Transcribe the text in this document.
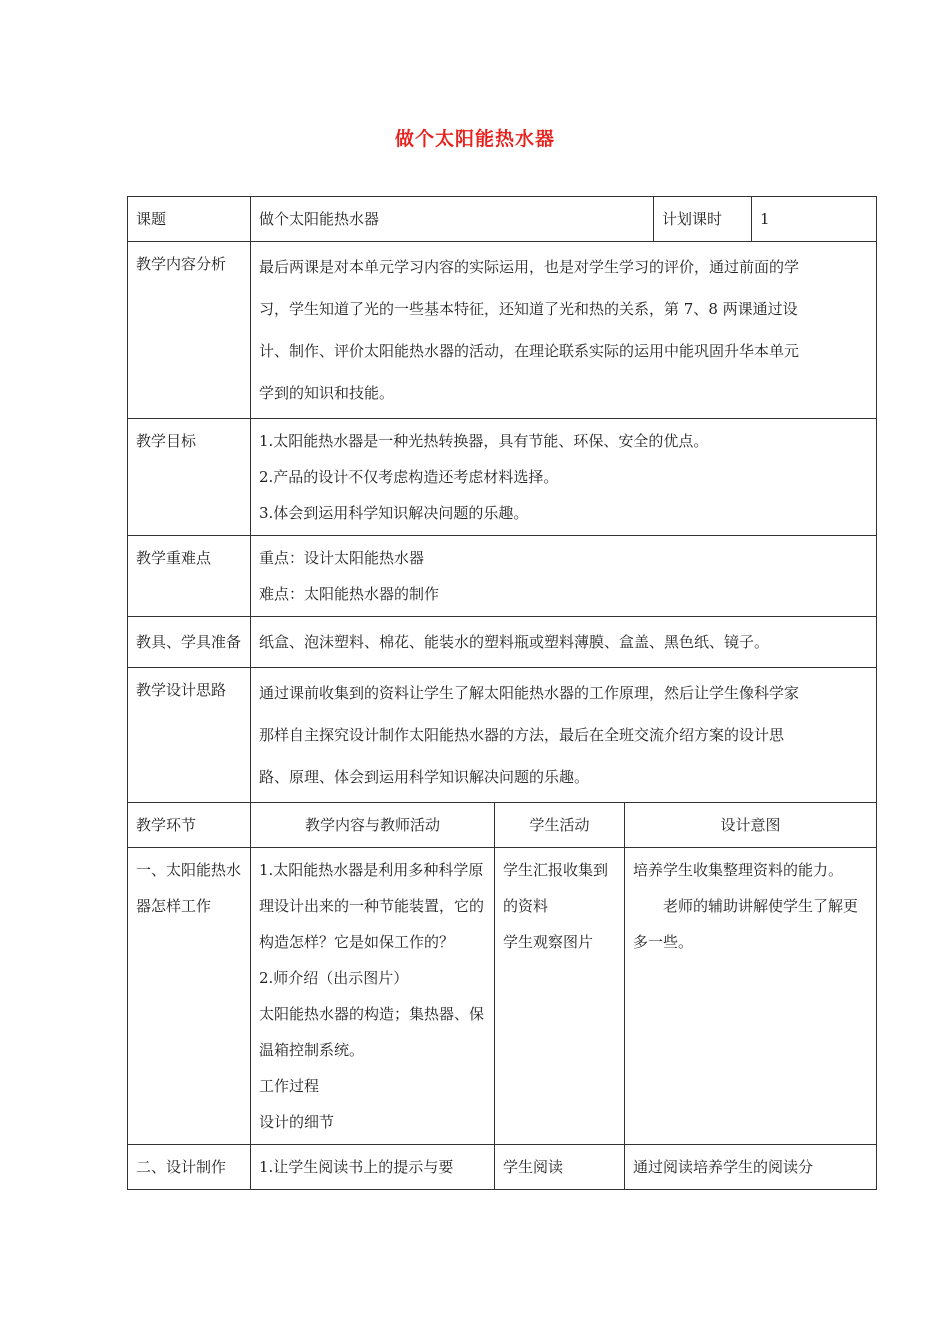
做个太阳能热水器
课题	做个太阳能热水器			计划课时	1
教学内容分析	最后两课是对本单元学习内容的实际运用，也是对学生学习的评价，通过前面的学
习，学生知道了光的一些基本特征，还知道了光和热的关系，第 7、8 两课通过设
计、制作、评价太阳能热水器的活动，在理论联系实际的运用中能巩固升华本单元
学到的知识和技能。				

教学目标	1.太阳能热水器是一种光热转换器，具有节能、环保、安全的优点。
2.产品的设计不仅考虑构造还考虑材料选择。
3.体会到运用科学知识解决问题的乐趣。				

教学重难点	重点：设计太阳能热水器
难点：太阳能热水器的制作				

教具、学具准备	纸盒、泡沫塑料、棉花、能装水的塑料瓶或塑料薄膜、盒盖、黑色纸、镜子。				
教学设计思路	通过课前收集到的资料让学生了解太阳能热水器的工作原理，然后让学生像科学家
那样自主探究设计制作太阳能热水器的方法，最后在全班交流介绍方案的设计思
路、原理、体会到运用科学知识解决问题的乐趣。				

教学环节	教学内容与教师活动	学生活动	设计意图		
一、太阳能热水器怎样工作	1.太阳能热水器是利用多种科学原理设计出来的一种节能装置，它的构造怎样？它是如保工作的？
2.师介绍（出示图片）
太阳能热水器的构造；集热器、保温箱控制系统。
工作过程
设计的细节	学生汇报收集到的资料
学生观察图片	培养学生收集整理资料的能力。
老师的辅助讲解使学生了解更多一些。		

二、设计制作	1.让学生阅读书上的提示与要	学生阅读	通过阅读培养学生的阅读分		
